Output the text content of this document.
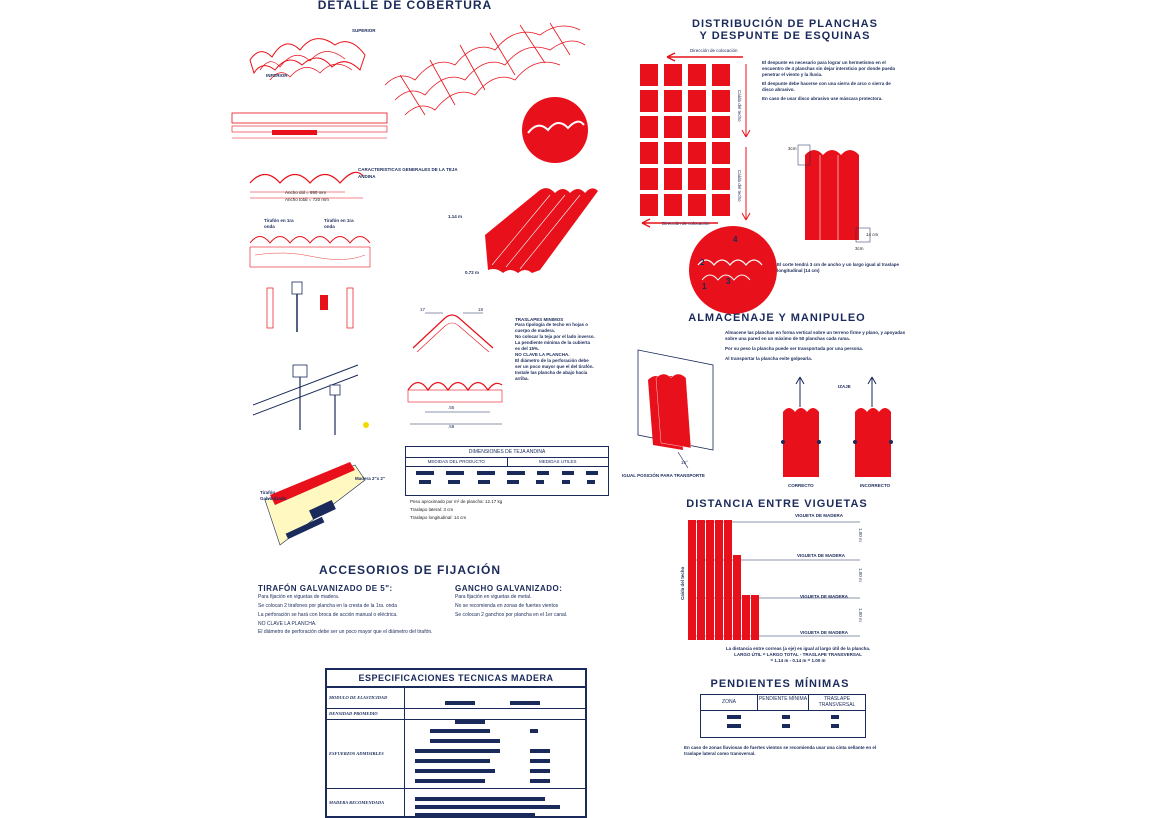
DETALLE DE COBERTURA
SUPERIOR
INFERIOR
CARACTERISTICAS GENERALES DE LA TEJA ANDINA
Ancho útil = 690 mm
Ancho total = 720 mm
Tirafón en 1ra onda
Tirafón en 1ra onda
1.14 m
0.72 m
17	18
TRASLAPES MINIMOS
Para tipología de techo en hojas o cuerpo de madera.
No colocar la teja por el lado inverso.
La pendiente mínima de la cubierta es del 15%.
NO CLAVE LA PLANCHA.
El diámetro de la perforación debe ser un poco mayor que el del tirafón.
Instale las plancha de abajo hacia arriba.
.55
.58
DIMENSIONES DE TEJA ANDINA
MEDIDAS DEL PRODUCTO	MEDIDAS UTILES
Peso aproximado por m² de plancha: 12.17 kg
Traslapo lateral: 3 cm
Traslapo longitudinal: 14 cm
Madera 2"x 2"
Tirafón Galvanizado
ACCESORIOS DE FIJACIÓN
TIRAFÓN GALVANIZADO DE 5":
Para fijación en viguetas de madera.
Se colocan 2 tirafones por plancha en la cresta de la 1ra. onda
La perforación se hará con broca de acción manual o eléctrica.
NO CLAVE LA PLANCHA.
El diámetro de perforación debe ser un poco mayor que el diámetro del tirafón.
GANCHO GALVANIZADO:
Para fijación en viguetas de metal.
No se recomienda en zonas de fuertes vientos
Se colocan 2 ganchos por plancha en el 1er canal.
ESPECIFICACIONES TECNICAS MADERA
MODULO DE ELASTICIDAD
DENSIDAD PROMEDIO
ESFUERZOS ADMISIBLES

MADERA RECOMENDADA

DISTRIBUCIÓN DE PLANCHAS
Y DESPUNTE DE ESQUINAS
Dirección de colocación
Caída del techo
Caída del techo
Dirección de colocación
El despunte es necesario para lograr un hermetismo en el encuentro de 4 planchas sin dejar intersticio por donde pueda penetrar el viento y la lluvia.
El despunte debe hacerse con una sierra de arco o sierra de disco abrasivo.
En caso de usar disco abrasivo use máscara protectora.
3cm
14 cm
3cm
4
2
1
3
El corte tendrá 3 cm de ancho y un largo igual al traslape longitudinal (14 cm)
ALMACENAJE Y MANIPULEO
Almacene las planchas en forma vertical sobre un terreno firme y plano, y apoyadas sobre una pared en un máximo de 50 planchas cada ruma.
Por su peso la plancha puede ser transportada por una persona.
Al transportar la plancha evite golpearla.
15°
IGUAL POSICIÓN PARA TRANSPORTE
IZAJE
CORRECTO	INCORRECTO
DISTANCIA ENTRE VIGUETAS
VIGUETA DE MADERA
VIGUETA DE MADERA
VIGUETA DE MADERA
VIGUETA DE MADERA
Caída del techo
1.00 m
1.00 m
1.00 m
La distancia entre correas (a eje) es igual al largo útil de la plancha.
LARGO ÚTIL = LARGO TOTAL - TRASLAPE TRANSVERSAL
= 1.14 m - 0.14 m = 1.00 m
PENDIENTES MÍNIMAS
ZONA	PENDIENTE MÍNIMA	TRASLAPE TRANSVERSAL
En caso de zonas lluviosas de fuertes vientos se recomienda usar una cinta sellante en el traslape lateral como transversal.
